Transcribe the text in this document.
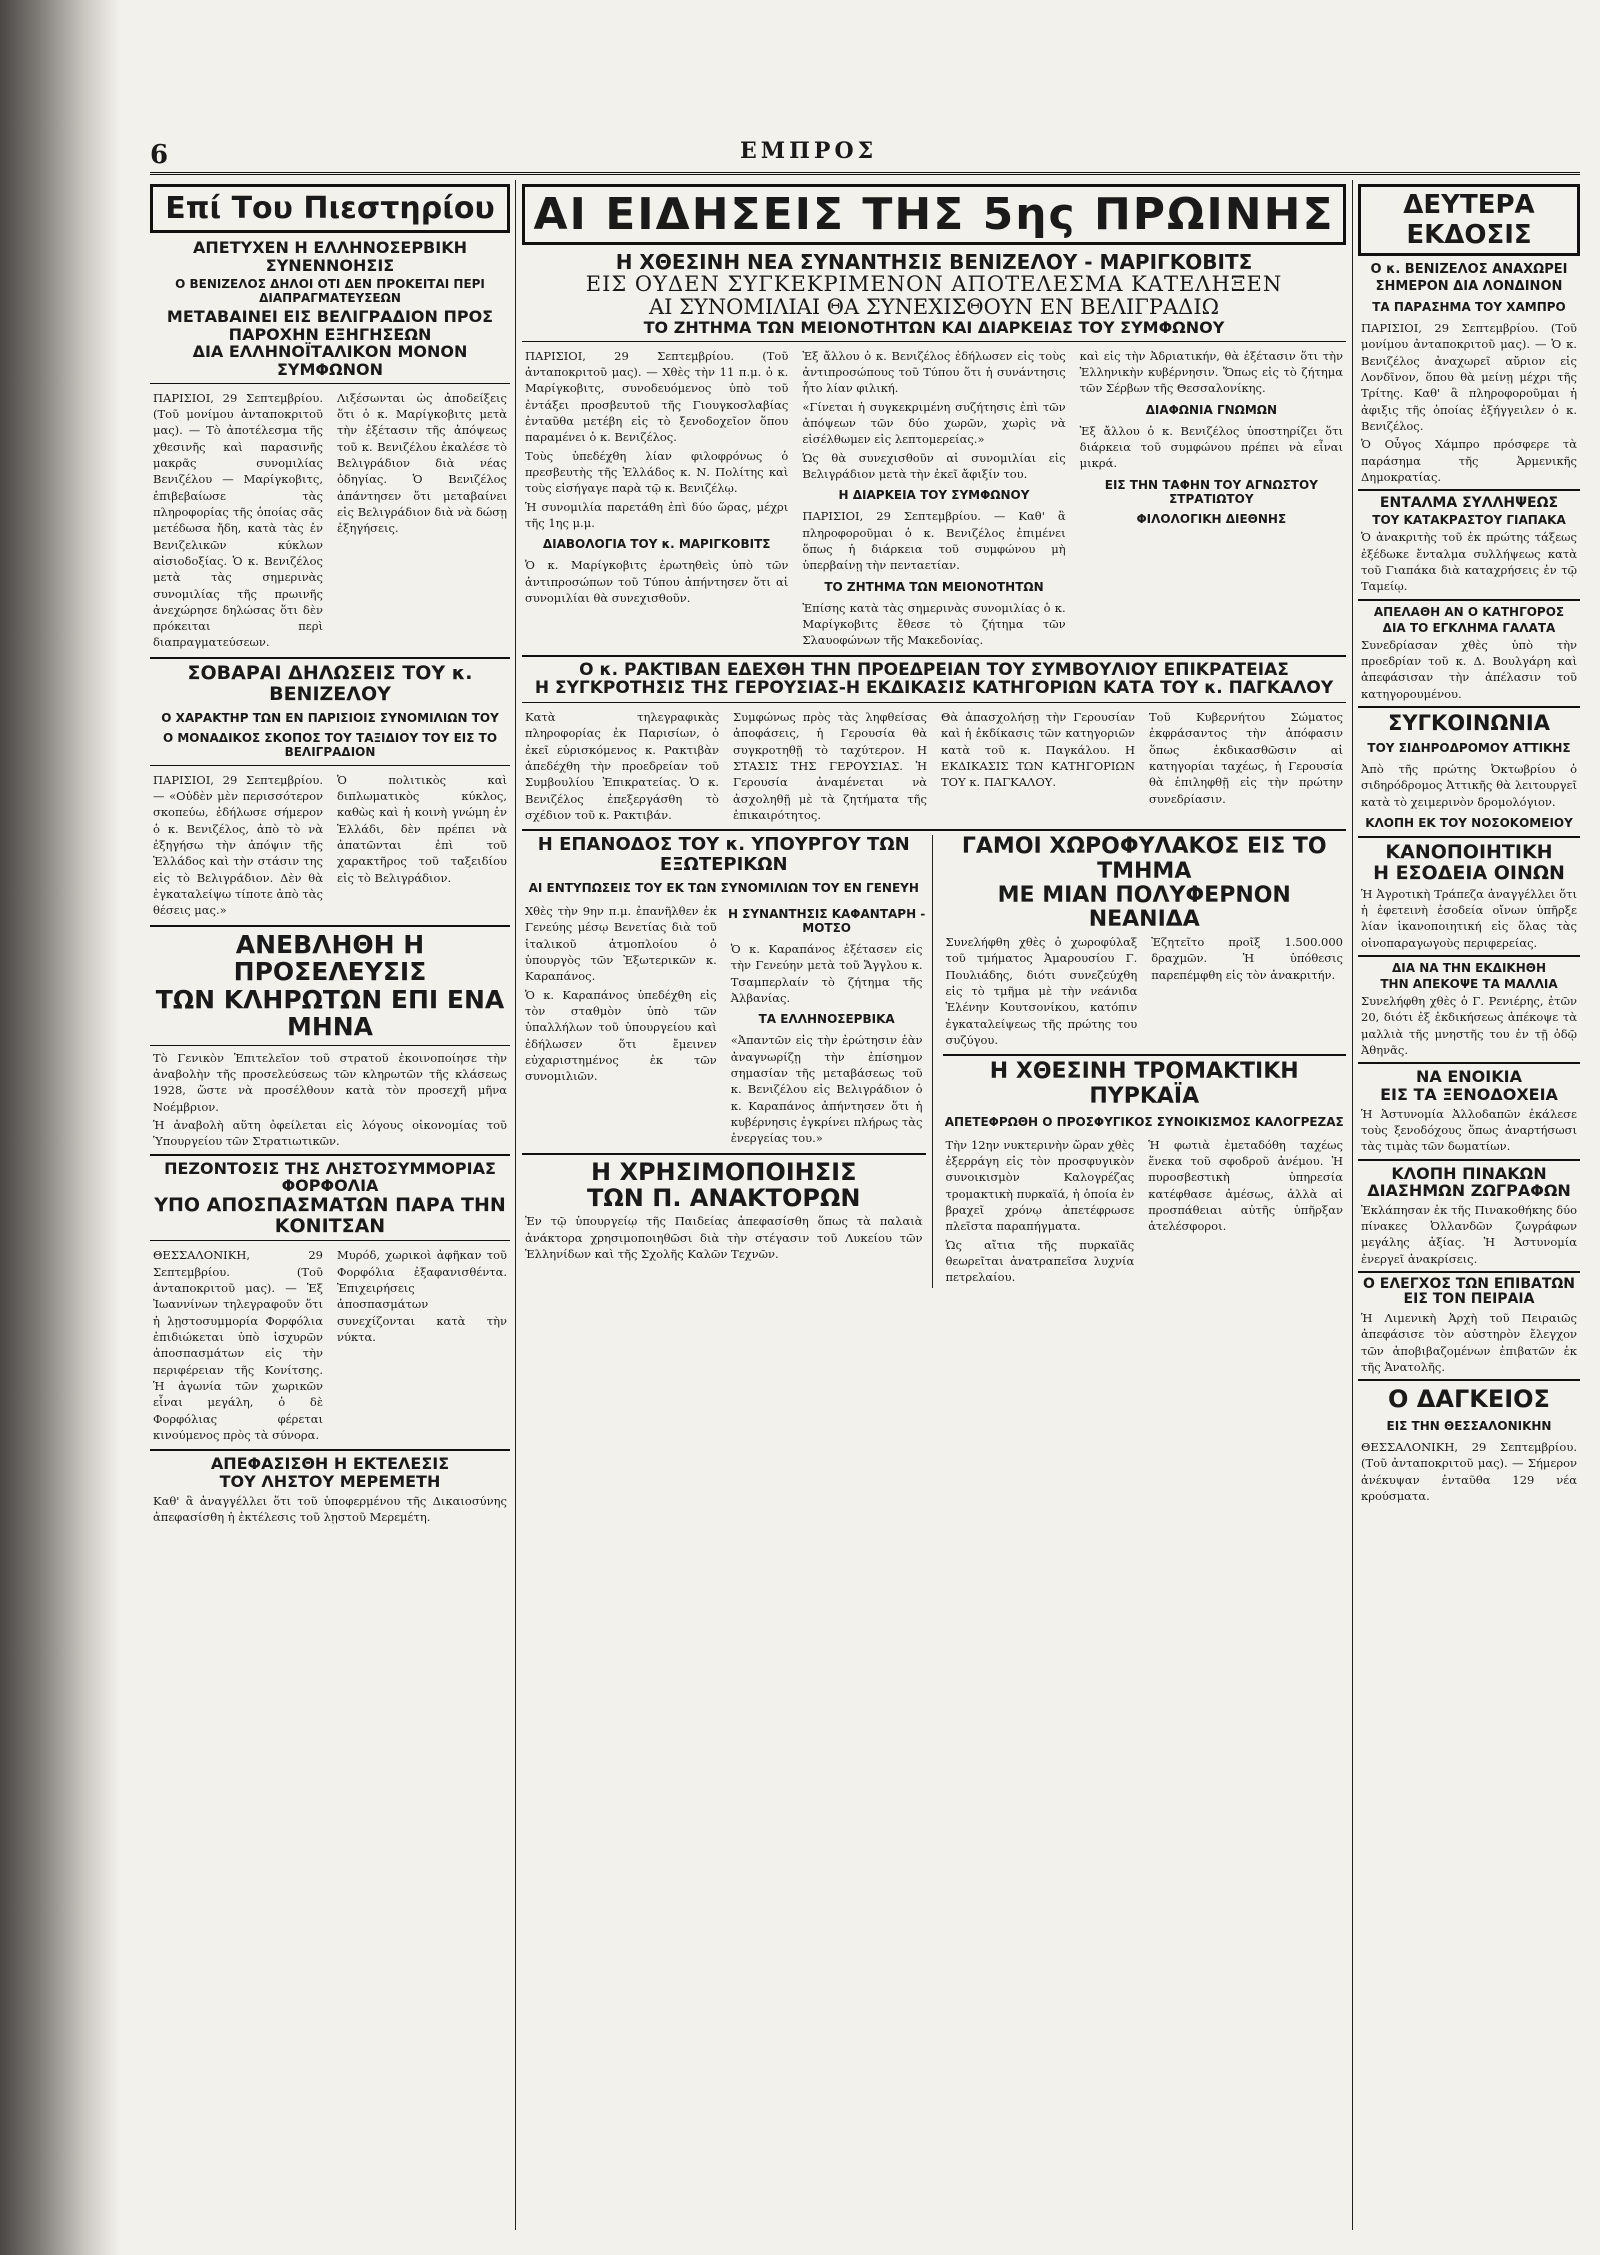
6	ΕΜΠΡΟΣ
Επί Του Πιεστηρίου
ΑΠΕΤΥΧΕΝ Η ΕΛΛΗΝΟΣΕΡΒΙΚΗ ΣΥΝΕΝΝΟΗΣΙΣ
Ο ΒΕΝΙΖΕΛΟΣ ΔΗΛΟΙ ΟΤΙ ΔΕΝ ΠΡΟΚΕΙΤΑΙ ΠΕΡΙ ΔΙΑΠΡΑΓΜΑΤΕΥΣΕΩΝ
ΜΕΤΑΒΑΙΝΕΙ ΕΙΣ ΒΕΛΙΓΡΑΔΙΟΝ ΠΡΟΣ ΠΑΡΟΧΗΝ ΕΞΗΓΗΣΕΩΝ
ΔΙΑ ΕΛΛΗΝΟΪΤΑΛΙΚΟΝ ΜΟΝΟΝ ΣΥΜΦΩΝΟΝ
ΠΑΡΙΣΙΟΙ, 29 Σεπτεμβρίου. (Τοῦ μονίμου ἀνταποκριτοῦ μας). — Τὸ ἀποτέλεσμα τῆς χθεσινῆς καὶ παρασινῆς μακρᾶς συνομιλίας Βενιζέλου — Μαρίγκοβιτς, ἐπιβεβαίωσε τὰς πληροφορίας τῆς ὁποίας σᾶς μετέδωσα ἤδη, κατὰ τὰς ἐν Βενιζελικῶν κύκλων αἰσιοδοξίας. Ὁ κ. Βενιζέλος μετὰ τὰς σημερινὰς συνομιλίας τῆς πρωινῆς ἀνεχώρησε δηλώσας ὅτι δὲν πρόκειται περὶ διαπραγματεύσεων.
Λιξέσωνται ὡς ἀποδείξεις ὅτι ὁ κ. Μαρίγκοβιτς μετὰ τὴν ἐξέτασιν τῆς ἀπόψεως τοῦ κ. Βενιζέλου ἐκαλέσε τὸ Βελιγράδιον διὰ νέας ὁδηγίας. Ὁ Βενιζέλος ἀπάντησεν ὅτι μεταβαίνει εἰς Βελιγράδιον διὰ νὰ δώσῃ ἐξηγήσεις.
ΣΟΒΑΡΑΙ ΔΗΛΩΣΕΙΣ ΤΟΥ κ. ΒΕΝΙΖΕΛΟΥ
Ο ΧΑΡΑΚΤΗΡ ΤΩΝ ΕΝ ΠΑΡΙΣΙΟΙΣ ΣΥΝΟΜΙΛΙΩΝ ΤΟΥ
Ο ΜΟΝΑΔΙΚΟΣ ΣΚΟΠΟΣ ΤΟΥ ΤΑΞΙΔΙΟΥ ΤΟΥ ΕΙΣ ΤΟ ΒΕΛΙΓΡΑΔΙΟΝ
ΠΑΡΙΣΙΟΙ, 29 Σεπτεμβρίου. — «Οὐδὲν μὲν περισσότερον σκοπεύω, ἐδήλωσε σήμερον ὁ κ. Βενιζέλος, ἀπὸ τὸ νὰ ἐξηγήσω τὴν ἀπόψιν τῆς Ἑλλάδος καὶ τὴν στάσιν της εἰς τὸ Βελιγράδιον. Δὲν θὰ ἐγκαταλείψω τίποτε ἀπὸ τὰς θέσεις μας.»
Ὁ πολιτικὸς καὶ διπλωματικὸς κύκλος, καθὼς καὶ ἡ κοινὴ γνώμη ἐν Ἑλλάδι, δὲν πρέπει νὰ ἀπατῶνται ἐπὶ τοῦ χαρακτῆρος τοῦ ταξειδίου εἰς τὸ Βελιγράδιον.
ΑΝΕΒΛΗΘΗ Η ΠΡΟΣΕΛΕΥΣΙΣ
ΤΩΝ ΚΛΗΡΩΤΩΝ ΕΠΙ ΕΝΑ ΜΗΝΑ
Τὸ Γενικὸν Ἐπιτελεῖον τοῦ στρατοῦ ἐκοινοποίησε τὴν ἀναβολὴν τῆς προσελεύσεως τῶν κληρωτῶν τῆς κλάσεως 1928, ὥστε νὰ προσέλθουν κατὰ τὸν προσεχῆ μῆνα Νοέμβριον.
Ἡ ἀναβολὴ αὕτη ὀφείλεται εἰς λόγους οἰκονομίας τοῦ Ὑπουργείου τῶν Στρατιωτικῶν.
ΠΕΖΟΝΤΟΣΙΣ ΤΗΣ ΛΗΣΤΟΣΥΜΜΟΡΙΑΣ ΦΟΡΦΟΛΙΑ
ΥΠΟ ΑΠΟΣΠΑΣΜΑΤΩΝ ΠΑΡΑ ΤΗΝ ΚΟΝΙΤΣΑΝ
ΘΕΣΣΑΛΟΝΙΚΗ, 29 Σεπτεμβρίου. (Τοῦ ἀνταποκριτοῦ μας). — Ἐξ Ἰωαννίνων τηλεγραφοῦν ὅτι ἡ λῃστοσυμμορία Φορφόλια ἐπιδιώκεται ὑπὸ ἰσχυρῶν ἀποσπασμάτων εἰς τὴν περιφέρειαν τῆς Κονίτσης. Ἡ ἀγωνία τῶν χωρικῶν εἶναι μεγάλη, ὁ δὲ Φορφόλιας φέρεται κινούμενος πρὸς τὰ σύνορα.
Μυρόδ, χωρικοὶ ἀφῆκαν τοῦ Φορφόλια ἐξαφανισθέντα. Ἐπιχειρήσεις ἀποσπασμάτων συνεχίζονται κατὰ τὴν νύκτα.
ΑΠΕΦΑΣΙΣΘΗ Η ΕΚΤΕΛΕΣΙΣ
ΤΟΥ ΛΗΣΤΟΥ ΜΕΡΕΜΕΤΗ
Καθ' ἃ ἀναγγέλλει ὅτι τοῦ ὑποφερμένου τῆς Δικαιοσύνης ἀπεφασίσθη ἡ ἐκτέλεσις τοῦ λῃστοῦ Μερεμέτη.
ΑΙ ΕΙΔΗΣΕΙΣ ΤΗΣ 5ης ΠΡΩΙΝΗΣ
Η ΧΘΕΣΙΝΗ ΝΕΑ ΣΥΝΑΝΤΗΣΙΣ ΒΕΝΙΖΕΛΟΥ - ΜΑΡΙΓΚΟΒΙΤΣ
ΕΙΣ ΟΥΔΕΝ ΣΥΓΚΕΚΡΙΜΕΝΟΝ ΑΠΟΤΕΛΕΣΜΑ ΚΑΤΕΛΗΞΕΝ
ΑΙ ΣΥΝΟΜΙΛΙΑΙ ΘΑ ΣΥΝΕΧΙΣΘΟΥΝ ΕΝ ΒΕΛΙΓΡΑΔΙΩ
ΤΟ ΖΗΤΗΜΑ ΤΩΝ ΜΕΙΟΝΟΤΗΤΩΝ ΚΑΙ ΔΙΑΡΚΕΙΑΣ ΤΟΥ ΣΥΜΦΩΝΟΥ
ΠΑΡΙΣΙΟΙ, 29 Σεπτεμβρίου. (Τοῦ ἀνταποκριτοῦ μας). — Χθὲς τὴν 11 π.μ. ὁ κ. Μαρίγκοβιτς, συνοδευόμενος ὑπὸ τοῦ ἐντάξει προσβευτοῦ τῆς Γιουγκοσλαβίας ἐνταῦθα μετέβη εἰς τὸ ξενοδοχεῖον ὅπου παραμένει ὁ κ. Βενιζέλος.
Τοὺς ὑπεδέχθη λίαν φιλοφρόνως ὁ πρεσβευτὴς τῆς Ἑλλάδος κ. Ν. Πολίτης καὶ τοὺς εἰσήγαγε παρὰ τῷ κ. Βενιζέλῳ.
Ἡ συνομιλία παρετάθη ἐπὶ δύο ὥρας, μέχρι τῆς 1ης μ.μ.
ΔΙΑΒΟΛΟΓΙΑ ΤΟΥ κ. ΜΑΡΙΓΚΟΒΙΤΣ
Ὁ κ. Μαρίγκοβιτς ἐρωτηθεὶς ὑπὸ τῶν ἀντιπροσώπων τοῦ Τύπου ἀπήντησεν ὅτι αἱ συνομιλίαι θὰ συνεχισθοῦν.
Ἐξ ἄλλου ὁ κ. Βενιζέλος ἐδήλωσεν εἰς τοὺς ἀντιπροσώπους τοῦ Τύπου ὅτι ἡ συνάντησις ἦτο λίαν φιλική.
«Γίνεται ἡ συγκεκριμένη συζήτησις ἐπὶ τῶν ἀπόψεων τῶν δύο χωρῶν, χωρὶς νὰ εἰσέλθωμεν εἰς λεπτομερείας.»
Ὡς θὰ συνεχισθοῦν αἱ συνομιλίαι εἰς Βελιγράδιον μετὰ τὴν ἐκεῖ ἄφιξίν του.
Η ΔΙΑΡΚΕΙΑ ΤΟΥ ΣΥΜΦΩΝΟΥ
ΠΑΡΙΣΙΟΙ, 29 Σεπτεμβρίου. — Καθ' ἃ πληροφοροῦμαι ὁ κ. Βενιζέλος ἐπιμένει ὅπως ἡ διάρκεια τοῦ συμφώνου μὴ ὑπερβαίνῃ τὴν πενταετίαν.
ΤΟ ΖΗΤΗΜΑ ΤΩΝ ΜΕΙΟΝΟΤΗΤΩΝ
Ἐπίσης κατὰ τὰς σημερινὰς συνομιλίας ὁ κ. Μαρίγκοβιτς ἔθεσε τὸ ζήτημα τῶν Σλαυοφώνων τῆς Μακεδονίας.
καὶ εἰς τὴν Ἀδριατικήν, θὰ ἐξέτασιν ὅτι τὴν Ἑλληνικὴν κυβέρνησιν. Ὅπως εἰς τὸ ζήτημα τῶν Σέρβων τῆς Θεσσαλονίκης.
ΔΙΑΦΩΝΙΑ ΓΝΩΜΩΝ
Ἐξ ἄλλου ὁ κ. Βενιζέλος ὑποστηρίζει ὅτι διάρκεια τοῦ συμφώνου πρέπει νὰ εἶναι μικρά.
ΕΙΣ ΤΗΝ ΤΑΦΗΝ ΤΟΥ ΑΓΝΩΣΤΟΥ ΣΤΡΑΤΙΩΤΟΥ
ΦΙΛΟΛΟΓΙΚΗ ΔΙΕΘΝΗΣ
Ο κ. ΡΑΚΤΙΒΑΝ ΕΔΕΧΘΗ ΤΗΝ ΠΡΟΕΔΡΕΙΑΝ ΤΟΥ ΣΥΜΒΟΥΛΙΟΥ ΕΠΙΚΡΑΤΕΙΑΣ
Η ΣΥΓΚΡΟΤΗΣΙΣ ΤΗΣ ΓΕΡΟΥΣΙΑΣ-Η ΕΚΔΙΚΑΣΙΣ ΚΑΤΗΓΟΡΙΩΝ ΚΑΤΑ ΤΟΥ κ. ΠΑΓΚΑΛΟΥ
Κατὰ τηλεγραφικὰς πληροφορίας ἐκ Παρισίων, ὁ ἐκεῖ εὑρισκόμενος κ. Ρακτιβὰν ἀπεδέχθη τὴν προεδρείαν τοῦ Συμβουλίου Ἐπικρατείας. Ὁ κ. Βενιζέλος ἐπεξεργάσθη τὸ σχέδιον τοῦ κ. Ρακτιβάν.
Συμφώνως πρὸς τὰς ληφθείσας ἀποφάσεις, ἡ Γερουσία θὰ συγκροτηθῇ τὸ ταχύτερον. Η ΣΤΑΣΙΣ ΤΗΣ ΓΕΡΟΥΣΙΑΣ. Ἡ Γερουσία ἀναμένεται νὰ ἀσχοληθῇ μὲ τὰ ζητήματα τῆς ἐπικαιρότητος.
Θὰ ἀπασχολήσῃ τὴν Γερουσίαν καὶ ἡ ἐκδίκασις τῶν κατηγοριῶν κατὰ τοῦ κ. Παγκάλου. Η ΕΚΔΙΚΑΣΙΣ ΤΩΝ ΚΑΤΗΓΟΡΙΩΝ ΤΟΥ κ. ΠΑΓΚΑΛΟΥ.
Τοῦ Κυβερνήτου Σώματος ἐκφράσαντος τὴν ἀπόφασιν ὅπως ἐκδικασθῶσιν αἱ κατηγορίαι ταχέως, ἡ Γερουσία θὰ ἐπιληφθῇ εἰς τὴν πρώτην συνεδρίασιν.
Η ΕΠΑΝΟΔΟΣ ΤΟΥ κ. ΥΠΟΥΡΓΟΥ ΤΩΝ ΕΞΩΤΕΡΙΚΩΝ
ΑΙ ΕΝΤΥΠΩΣΕΙΣ ΤΟΥ ΕΚ ΤΩΝ ΣΥΝΟΜΙΛΙΩΝ ΤΟΥ ΕΝ ΓΕΝΕΥΗ
Χθὲς τὴν 9ην π.μ. ἐπανῆλθεν ἐκ Γενεύης μέσῳ Βενετίας διὰ τοῦ ἰταλικοῦ ἀτμοπλοίου ὁ ὑπουργὸς τῶν Ἐξωτερικῶν κ. Καραπάνος.
Ὁ κ. Καραπάνος ὑπεδέχθη εἰς τὸν σταθμὸν ὑπὸ τῶν ὑπαλλήλων τοῦ ὑπουργείου καὶ ἐδήλωσεν ὅτι ἔμεινεν εὐχαριστημένος ἐκ τῶν συνομιλιῶν.
Η ΣΥΝΑΝΤΗΣΙΣ ΚΑΦΑΝΤΑΡΗ - ΜΟΤΣΟ
Ὁ κ. Καραπάνος ἐξέτασεν εἰς τὴν Γενεύην μετὰ τοῦ Ἄγγλου κ. Τσαμπερλαίν τὸ ζήτημα τῆς Ἀλβανίας.
ΤΑ ΕΛΛΗΝΟΣΕΡΒΙΚΑ
«Ἀπαντῶν εἰς τὴν ἐρώτησιν ἐὰν ἀναγνωρίζῃ τὴν ἐπίσημον σημασίαν τῆς μεταβάσεως τοῦ κ. Βενιζέλου εἰς Βελιγράδιον ὁ κ. Καραπάνος ἀπήντησεν ὅτι ἡ κυβέρνησις ἐγκρίνει πλήρως τὰς ἐνεργείας του.»
Η ΧΡΗΣΙΜΟΠΟΙΗΣΙΣ
ΤΩΝ Π. ΑΝΑΚΤΟΡΩΝ
Ἐν τῷ ὑπουργείῳ τῆς Παιδείας ἀπεφασίσθη ὅπως τὰ παλαιὰ ἀνάκτορα χρησιμοποιηθῶσι διὰ τὴν στέγασιν τοῦ Λυκείου τῶν Ἑλληνίδων καὶ τῆς Σχολῆς Καλῶν Τεχνῶν.
ΓΑΜΟΙ ΧΩΡΟΦΥΛΑΚΟΣ ΕΙΣ ΤΟ ΤΜΗΜΑ
ΜΕ ΜΙΑΝ ΠΟΛΥΦΕΡΝΟΝ ΝΕΑΝΙΔΑ
Συνελήφθη χθὲς ὁ χωροφύλαξ τοῦ τμήματος Ἀμαρουσίου Γ. Πουλιάδης, διότι συνεζεύχθη εἰς τὸ τμῆμα μὲ τὴν νεάνιδα Ἑλένην Κουτσονίκου, κατόπιν ἐγκαταλείψεως τῆς πρώτης του συζύγου.
Ἐζητεῖτο προῖξ 1.500.000 δραχμῶν. Ἡ ὑπόθεσις παρεπέμφθη εἰς τὸν ἀνακριτήν.
Η ΧΘΕΣΙΝΗ ΤΡΟΜΑΚΤΙΚΗ ΠΥΡΚΑΪΑ
ΑΠΕΤΕΦΡΩΘΗ Ο ΠΡΟΣΦΥΓΙΚΟΣ ΣΥΝΟΙΚΙΣΜΟΣ ΚΑΛΟΓΡΕΖΑΣ
Τὴν 12ην νυκτερινὴν ὥραν χθὲς ἐξερράγη εἰς τὸν προσφυγικὸν συνοικισμὸν Καλογρέζας τρομακτικὴ πυρκαϊά, ἡ ὁποία ἐν βραχεῖ χρόνῳ ἀπετέφρωσε πλεῖστα παραπήγματα.
Ὡς αἴτια τῆς πυρκαϊᾶς θεωρεῖται ἀνατραπεῖσα λυχνία πετρελαίου.
Ἡ φωτιὰ ἐμεταδόθη ταχέως ἕνεκα τοῦ σφοδροῦ ἀνέμου. Ἡ πυροσβεστικὴ ὑπηρεσία κατέφθασε ἀμέσως, ἀλλὰ αἱ προσπάθειαι αὐτῆς ὑπῆρξαν ἀτελέσφοροι.
ΔΕΥΤΕΡΑ ΕΚΔΟΣΙΣ
Ο κ. ΒΕΝΙΖΕΛΟΣ ΑΝΑΧΩΡΕΙ
ΣΗΜΕΡΟΝ ΔΙΑ ΛΟΝΔΙΝΟΝ
ΤΑ ΠΑΡΑΣΗΜΑ ΤΟΥ ΧΑΜΠΡΟ
ΠΑΡΙΣΙΟΙ, 29 Σεπτεμβρίου. (Τοῦ μονίμου ἀνταποκριτοῦ μας). — Ὁ κ. Βενιζέλος ἀναχωρεῖ αὔριον εἰς Λονδῖνον, ὅπου θὰ μείνῃ μέχρι τῆς Τρίτης. Καθ' ἃ πληροφοροῦμαι ἡ ἀφιξις τῆς ὁποίας ἐξήγγειλεν ὁ κ. Βενιζέλος.
Ὁ Οὖγος Χάμπρο πρόσφερε τὰ παράσημα τῆς Ἀρμενικῆς Δημοκρατίας.
ΕΝΤΑΛΜΑ ΣΥΛΛΗΨΕΩΣ
ΤΟΥ ΚΑΤΑΚΡΑΣΤΟΥ ΓΙΑΠΑΚΑ
Ὁ ἀνακριτὴς τοῦ ἐκ πρώτης τάξεως ἐξέδωκε ἔνταλμα συλλήψεως κατὰ τοῦ Γιαπάκα διὰ καταχρήσεις ἐν τῷ Ταμείῳ.
ΑΠΕΛΑΘΗ ΑΝ Ο ΚΑΤΗΓΟΡΟΣ
ΔΙΑ ΤΟ ΕΓΚΛΗΜΑ ΓΑΛΑΤΑ
Συνεδρίασαν χθὲς ὑπὸ τὴν προεδρίαν τοῦ κ. Δ. Βουλγάρη καὶ ἀπεφάσισαν τὴν ἀπέλασιν τοῦ κατηγορουμένου.
ΣΥΓΚΟΙΝΩΝΙΑ
ΤΟΥ ΣΙΔΗΡΟΔΡΟΜΟΥ ΑΤΤΙΚΗΣ
Ἀπὸ τῆς πρώτης Ὀκτωβρίου ὁ σιδηρόδρομος Ἀττικῆς θὰ λειτουργεῖ κατὰ τὸ χειμερινὸν δρομολόγιον.
ΚΛΟΠΗ ΕΚ ΤΟΥ ΝΟΣΟΚΟΜΕΙΟΥ
ΚΑΝΟΠΟΙΗΤΙΚΗ
Η ΕΣΟΔΕΙΑ ΟΙΝΩΝ
Ἡ Ἀγροτικὴ Τράπεζα ἀναγγέλλει ὅτι ἡ ἐφετεινὴ ἐσοδεία οἴνων ὑπῆρξε λίαν ἱκανοποιητική εἰς ὅλας τὰς οἰνοπαραγωγοὺς περιφερείας.
ΔΙΑ ΝΑ ΤΗΝ ΕΚΔΙΚΗΘΗ
ΤΗΝ ΑΠΕΚΟΨΕ ΤΑ ΜΑΛΛΙΑ
Συνελήφθη χθὲς ὁ Γ. Ρενιέρης, ἐτῶν 20, διότι ἐξ ἐκδικήσεως ἀπέκοψε τὰ μαλλιὰ τῆς μνηστῆς του ἐν τῇ ὁδῷ Ἀθηνᾶς.
ΝΑ ΕΝΟΙΚΙΑ
ΕΙΣ ΤΑ ΞΕΝΟΔΟΧΕΙΑ
Ἡ Ἀστυνομία Ἀλλοδαπῶν ἐκάλεσε τοὺς ξενοδόχους ὅπως ἀναρτήσωσι τὰς τιμὰς τῶν δωματίων.
ΚΛΟΠΗ ΠΙΝΑΚΩΝ
ΔΙΑΣΗΜΩΝ ΖΩΓΡΑΦΩΝ
Ἐκλάπησαν ἐκ τῆς Πινακοθήκης δύο πίνακες Ὀλλανδῶν ζωγράφων μεγάλης ἀξίας. Ἡ Ἀστυνομία ἐνεργεῖ ἀνακρίσεις.
Ο ΕΛΕΓΧΟΣ ΤΩΝ ΕΠΙΒΑΤΩΝ
ΕΙΣ ΤΟΝ ΠΕΙΡΑΙΑ
Ἡ Λιμενικὴ Ἀρχὴ τοῦ Πειραιῶς ἀπεφάσισε τὸν αὐστηρὸν ἔλεγχον τῶν ἀποβιβαζομένων ἐπιβατῶν ἐκ τῆς Ἀνατολῆς.
Ο ΔΑΓΚΕΙΟΣ
ΕΙΣ ΤΗΝ ΘΕΣΣΑΛΟΝΙΚΗΝ
ΘΕΣΣΑΛΟΝΙΚΗ, 29 Σεπτεμβρίου. (Τοῦ ἀνταποκριτοῦ μας). — Σήμερον ἀνέκυψαν ἐνταῦθα 129 νέα κρούσματα.
